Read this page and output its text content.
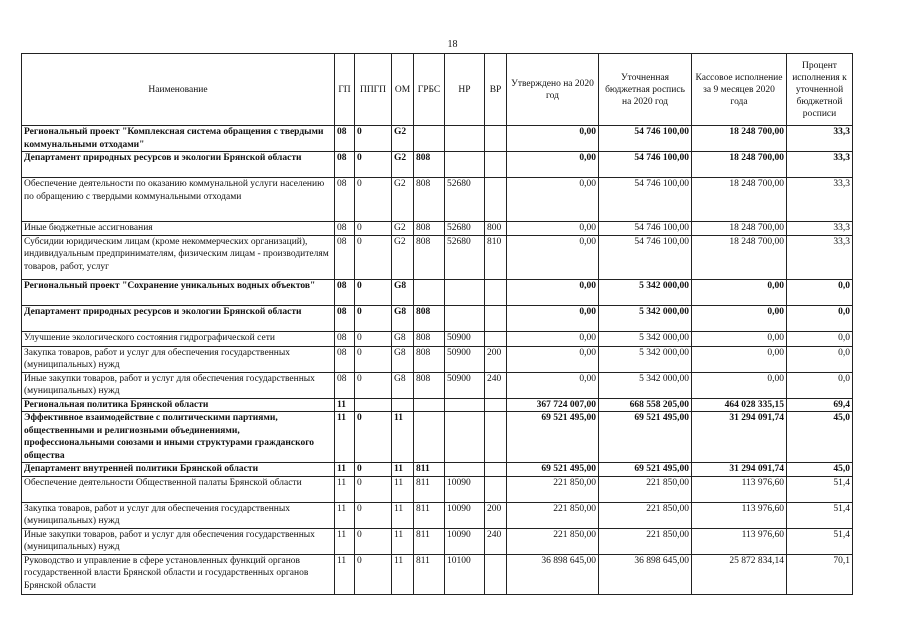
18
Наименование	ГП	ППГП	ОМ	ГРБС	НР	ВР	Утверждено на 2020 год	Уточненная бюджетная роспись на 2020 год	Кассовое исполнение за 9 месяцев 2020 года	Процент исполнения к уточненной бюджетной росписи
Региональный проект "Комплексная система обращения с твердыми коммунальными отходами"	08	0	G2				0,00	54 746 100,00	18 248 700,00	33,3
Департамент природных ресурсов и экологии Брянской области	08	0	G2	808			0,00	54 746 100,00	18 248 700,00	33,3
Обеспечение деятельности по оказанию коммунальной услуги населению по обращению с твердыми коммунальными отходами	08	0	G2	808	52680		0,00	54 746 100,00	18 248 700,00	33,3
Иные бюджетные ассигнования	08	0	G2	808	52680	800	0,00	54 746 100,00	18 248 700,00	33,3
Субсидии юридическим лицам (кроме некоммерческих организаций), индивидуальным предпринимателям, физическим лицам - производителям товаров, работ, услуг	08	0	G2	808	52680	810	0,00	54 746 100,00	18 248 700,00	33,3
Региональный проект "Сохранение уникальных водных объектов"	08	0	G8				0,00	5 342 000,00	0,00	0,0
Департамент природных ресурсов и экологии Брянской области	08	0	G8	808			0,00	5 342 000,00	0,00	0,0
Улучшение экологического состояния гидрографической сети	08	0	G8	808	50900		0,00	5 342 000,00	0,00	0,0
Закупка товаров, работ и услуг для обеспечения государственных (муниципальных) нужд	08	0	G8	808	50900	200	0,00	5 342 000,00	0,00	0,0
Иные закупки товаров, работ и услуг для обеспечения государственных (муниципальных) нужд	08	0	G8	808	50900	240	0,00	5 342 000,00	0,00	0,0
Региональная политика Брянской области	11						367 724 007,00	668 558 205,00	464 028 335,15	69,4
Эффективное взаимодействие с политическими партиями, общественными и религиозными объединениями, профессиональными союзами и иными структурами гражданского общества	11	0	11				69 521 495,00	69 521 495,00	31 294 091,74	45,0
Департамент внутренней политики Брянской области	11	0	11	811			69 521 495,00	69 521 495,00	31 294 091,74	45,0
Обеспечение деятельности Общественной палаты Брянской области	11	0	11	811	10090		221 850,00	221 850,00	113 976,60	51,4
Закупка товаров, работ и услуг для обеспечения государственных (муниципальных) нужд	11	0	11	811	10090	200	221 850,00	221 850,00	113 976,60	51,4
Иные закупки товаров, работ и услуг для обеспечения государственных (муниципальных) нужд	11	0	11	811	10090	240	221 850,00	221 850,00	113 976,60	51,4
Руководство и управление в сфере установленных функций органов государственной власти Брянской области и государственных органов Брянской области	11	0	11	811	10100		36 898 645,00	36 898 645,00	25 872 834,14	70,1
